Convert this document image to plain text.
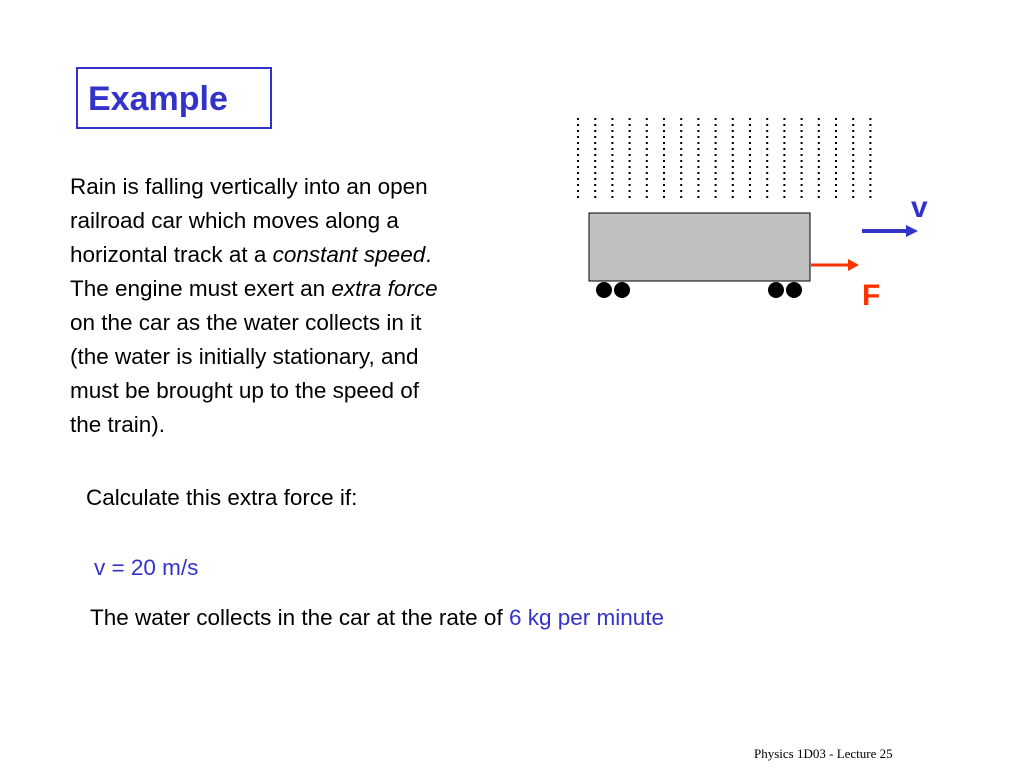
Example
Rain is falling vertically into an open
railroad car which moves along a
horizontal track at a constant speed.
The engine must exert an extra force
on the car as the water collects in it
(the water is initially stationary, and
must be brought up to the speed of
the train).
Calculate this extra force if:
v = 20 m/s
The water collects in the car at the rate of 6 kg per minute
v
F
Physics 1D03 - Lecture 25
